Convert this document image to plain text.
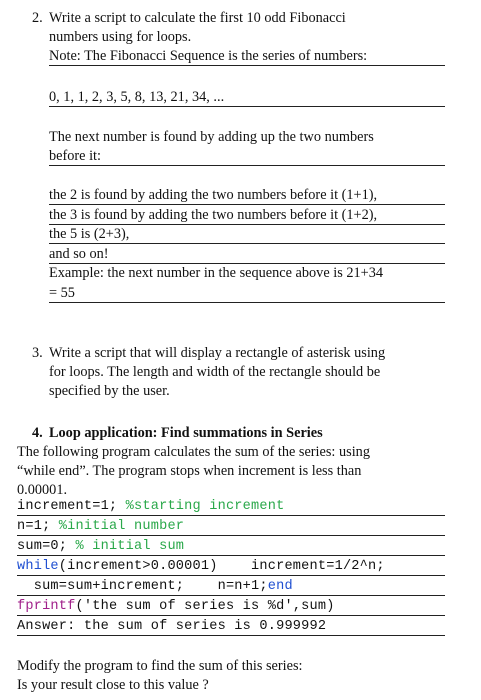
2. Write a script to calculate the first 10 odd Fibonacci
numbers using for loops.
Note: The Fibonacci Sequence is the series of numbers:
0, 1, 1, 2, 3, 5, 8, 13, 21, 34, ...
The next number is found by adding up the two numbers
before it:
the 2 is found by adding the two numbers before it (1+1),
the 3 is found by adding the two numbers before it (1+2),
the 5 is (2+3),
and so on!
Example: the next number in the sequence above is 21+34
= 55
3. Write a script that will display a rectangle of asterisk using
for loops. The length and width of the rectangle should be
specified by the user.
4. Loop application: Find summations in Series
The following program calculates the sum of the series: using
“while end”. The program stops when increment is less than
0.00001.
increment=1; %starting increment
n=1; %initial number
sum=0; % initial sum
while(increment>0.00001)    increment=1/2^n;
sum=sum+increment;    n=n+1;end
fprintf('the sum of series is %d',sum)
Answer: the sum of series is 0.999992
Modify the program to find the sum of this series:
Is your result close to this value ?
